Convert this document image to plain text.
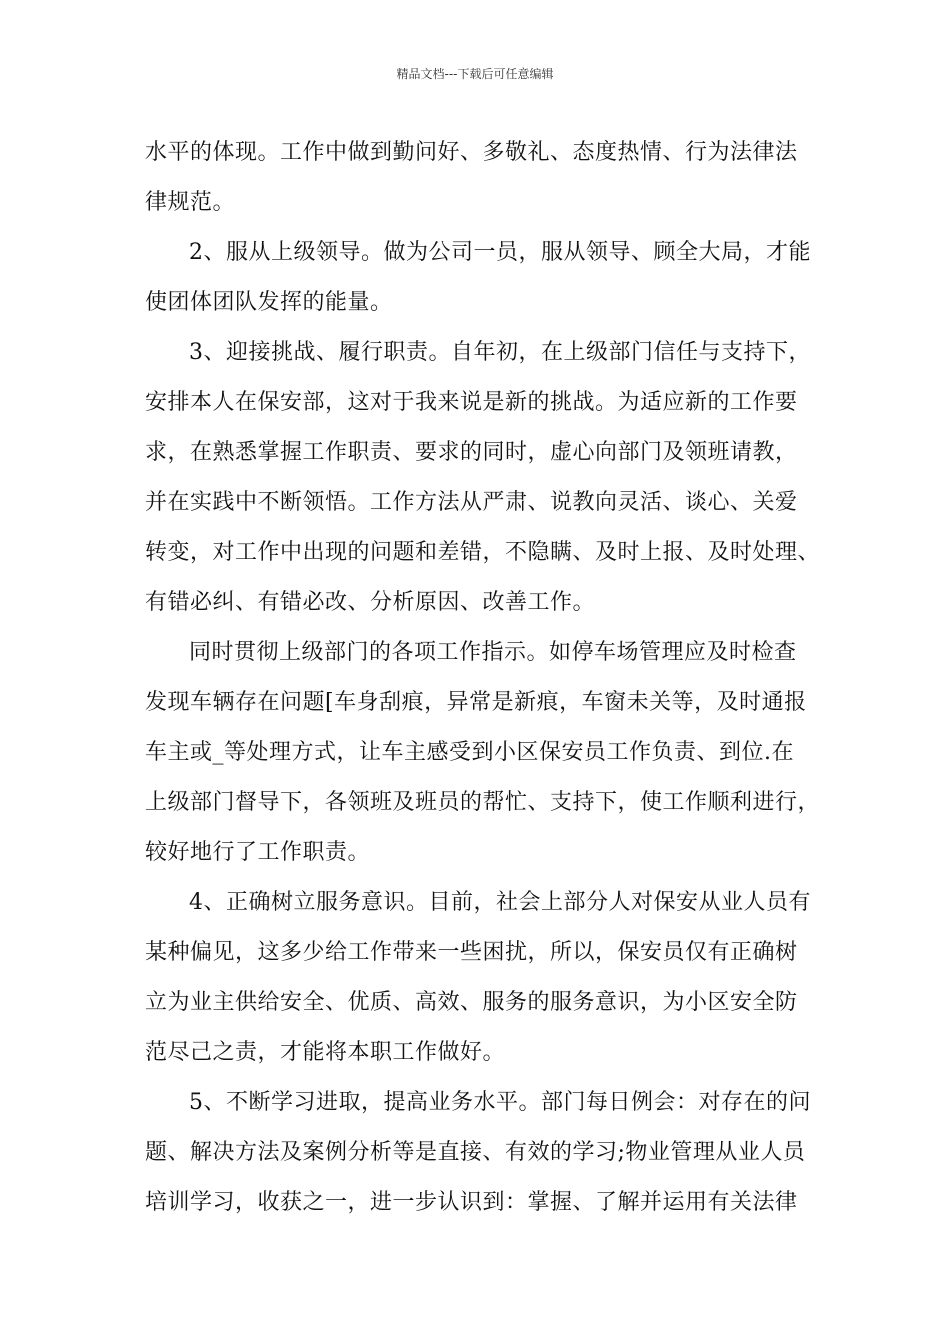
精品文档---下载后可任意编辑
水平的体现。工作中做到勤问好、多敬礼、态度热情、行为法律法
律规范。
2、服从上级领导。做为公司一员，服从领导、顾全大局，才能
使团体团队发挥的能量。
3、迎接挑战、履行职责。自年初，在上级部门信任与支持下，
安排本人在保安部，这对于我来说是新的挑战。为适应新的工作要
求，在熟悉掌握工作职责、要求的同时，虚心向部门及领班请教，
并在实践中不断领悟。工作方法从严肃、说教向灵活、谈心、关爱
转变，对工作中出现的问题和差错，不隐瞒、及时上报、及时处理、
有错必纠、有错必改、分析原因、改善工作。
同时贯彻上级部门的各项工作指示。如停车场管理应及时检查
发现车辆存在问题[车身刮痕，异常是新痕，车窗未关等，及时通报
车主或_等处理方式，让车主感受到小区保安员工作负责、到位.在
上级部门督导下，各领班及班员的帮忙、支持下，使工作顺利进行，
较好地行了工作职责。
4、正确树立服务意识。目前，社会上部分人对保安从业人员有
某种偏见，这多少给工作带来一些困扰，所以，保安员仅有正确树
立为业主供给安全、优质、高效、服务的服务意识，为小区安全防
范尽己之责，才能将本职工作做好。
5、不断学习进取，提高业务水平。部门每日例会：对存在的问
题、解决方法及案例分析等是直接、有效的学习;物业管理从业人员
培训学习，收获之一，进一步认识到：掌握、了解并运用有关法律
